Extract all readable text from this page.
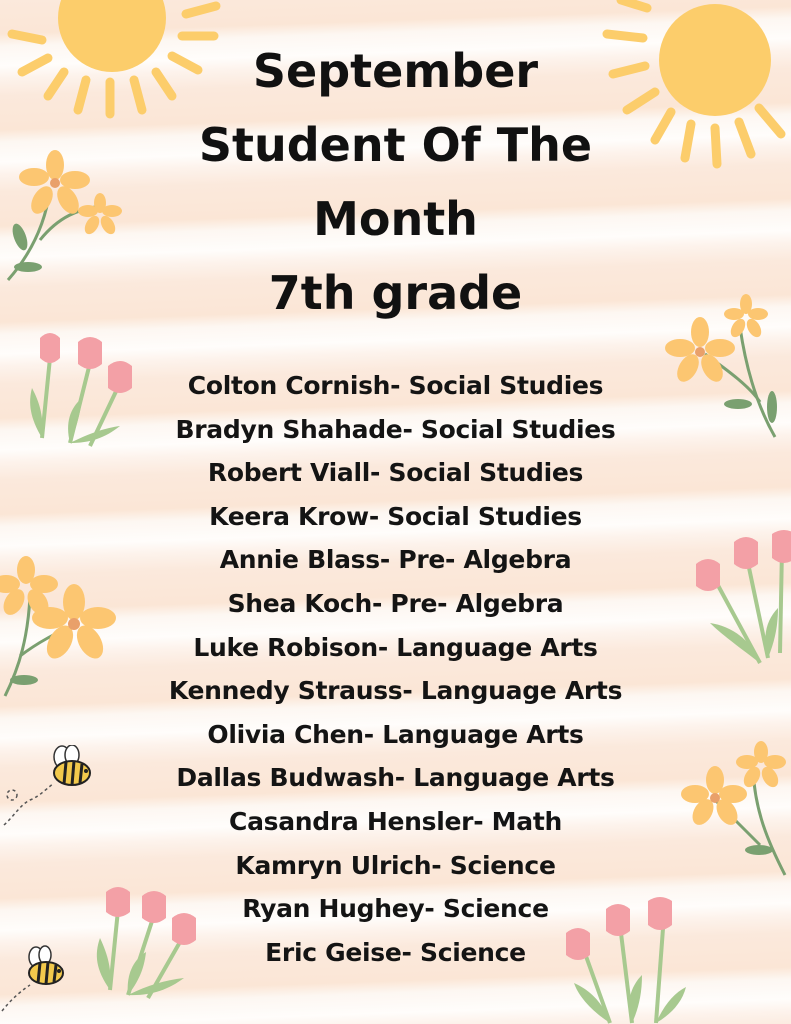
September
Student Of The
Month
7th grade
Colton Cornish- Social Studies
Bradyn Shahade- Social Studies
Robert Viall- Social Studies
Keera Krow- Social Studies
Annie Blass- Pre- Algebra
Shea Koch- Pre- Algebra
Luke Robison- Language Arts
Kennedy Strauss- Language Arts
Olivia Chen- Language Arts
Dallas Budwash- Language Arts
Casandra Hensler- Math
Kamryn Ulrich- Science
Ryan Hughey- Science
Eric Geise- Science
